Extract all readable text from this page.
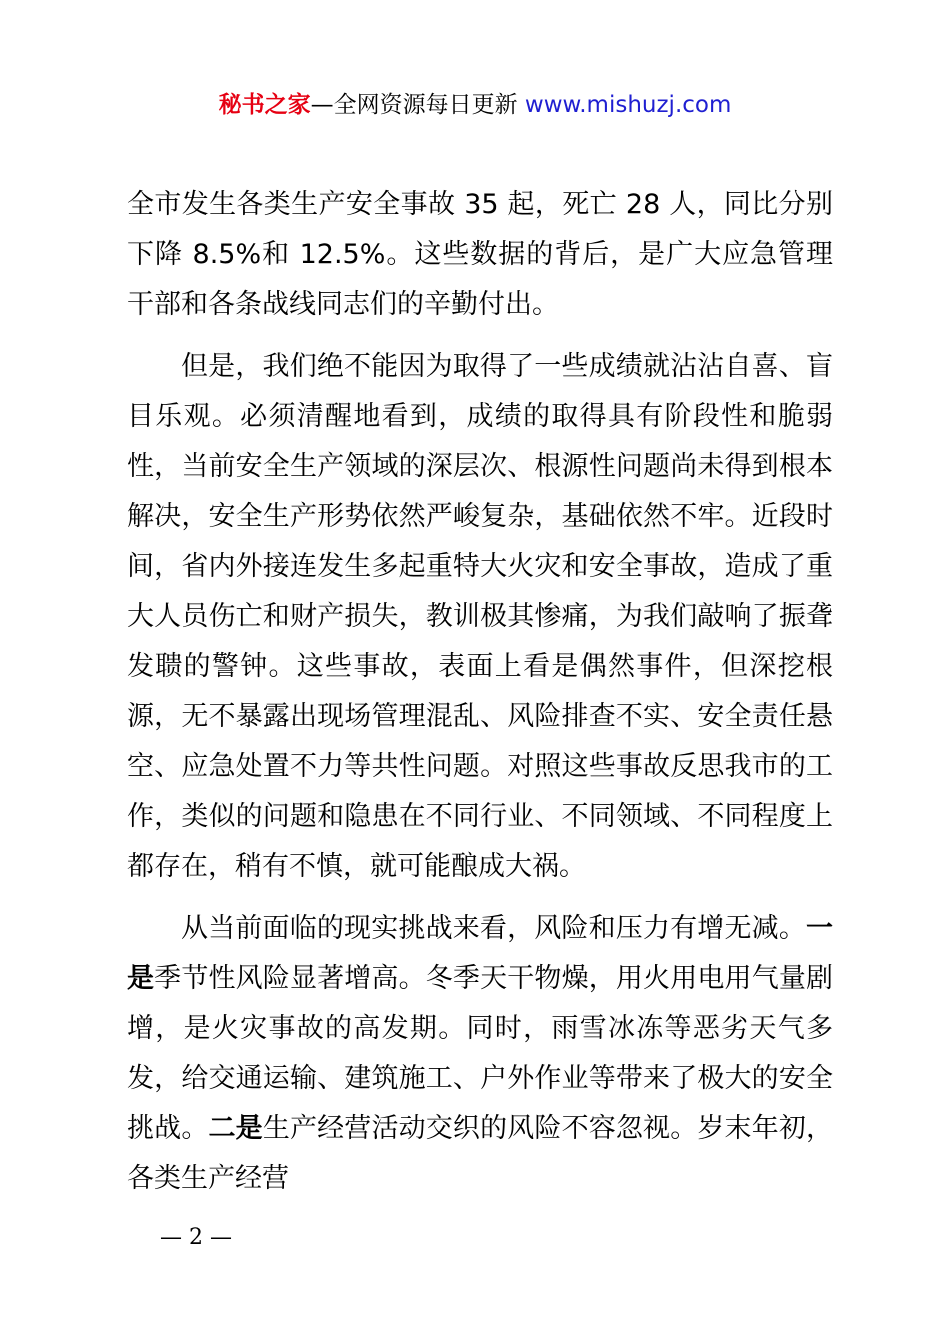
秘书之家—全网资源每日更新 www.mishuzj.com

全市发生各类生产安全事故 35 起，死亡 28 人，同比分别下降 8.5%和 12.5%。这些数据的背后，是广大应急管理干部和各条战线同志们的辛勤付出。

但是，我们绝不能因为取得了一些成绩就沾沾自喜、盲目乐观。必须清醒地看到，成绩的取得具有阶段性和脆弱性，当前安全生产领域的深层次、根源性问题尚未得到根本解决，安全生产形势依然严峻复杂，基础依然不牢。近段时间，省内外接连发生多起重特大火灾和安全事故，造成了重大人员伤亡和财产损失，教训极其惨痛，为我们敲响了振聋发聩的警钟。这些事故，表面上看是偶然事件，但深挖根源，无不暴露出现场管理混乱、风险排查不实、安全责任悬空、应急处置不力等共性问题。对照这些事故反思我市的工作，类似的问题和隐患在不同行业、不同领域、不同程度上都存在，稍有不慎，就可能酿成大祸。

从当前面临的现实挑战来看，风险和压力有增无减。一是季节性风险显著增高。冬季天干物燥，用火用电用气量剧增，是火灾事故的高发期。同时，雨雪冰冻等恶劣天气多发，给交通运输、建筑施工、户外作业等带来了极大的安全挑战。二是生产经营活动交织的风险不容忽视。岁末年初，各类生产经营

— 2 —
